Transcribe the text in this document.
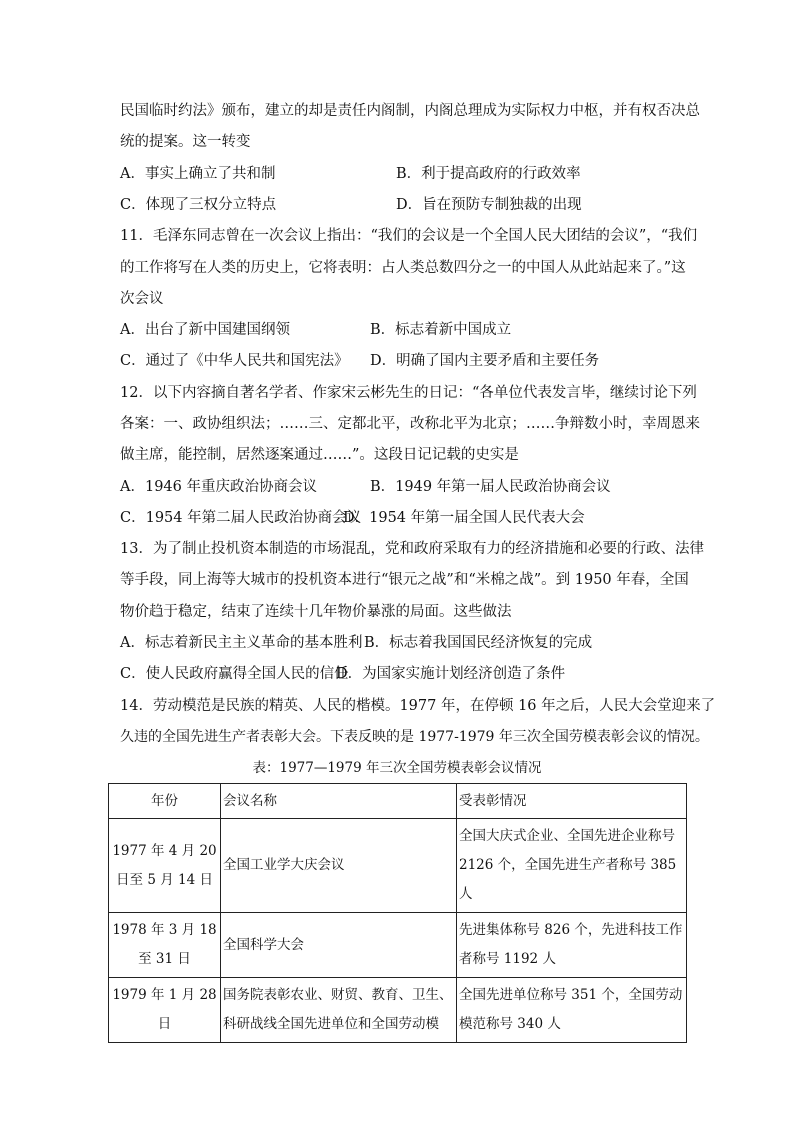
民国临时约法》颁布，建立的却是责任内阁制，内阁总理成为实际权力中枢，并有权否决总
统的提案。这一转变
A．事实上确立了共和制	B．利于提高政府的行政效率
C．体现了三权分立特点	D．旨在预防专制独裁的出现
11．毛泽东同志曾在一次会议上指出：“我们的会议是一个全国人民大团结的会议”，“我们
的工作将写在人类的历史上，它将表明：占人类总数四分之一的中国人从此站起来了。”这
次会议
A．出台了新中国建国纲领	B．标志着新中国成立
C．通过了《中华人民共和国宪法》 D．明确了国内主要矛盾和主要任务
12．以下内容摘自著名学者、作家宋云彬先生的日记：“各单位代表发言毕，继续讨论下列
各案：一、政协组织法；……三、定都北平，改称北平为北京；……争辩数小时，幸周恩来
做主席，能控制，居然逐案通过……”。这段日记记载的史实是
A．1946 年重庆政治协商会议	B．1949 年第一届人民政治协商会议
C．1954 年第二届人民政治协商会议
D．1954 年第一届全国人民代表大会
13．为了制止投机资本制造的市场混乱，党和政府采取有力的经济措施和必要的行政、法律
等手段，同上海等大城市的投机资本进行“银元之战”和“米棉之战”。到 1950 年春，全国
物价趋于稳定，结束了连续十几年物价暴涨的局面。这些做法
A．标志着新民主主义革命的基本胜利 B．标志着我国国民经济恢复的完成
C．使人民政府赢得全国人民的信任
D．为国家实施计划经济创造了条件
14．劳动模范是民族的精英、人民的楷模。1977 年，在停顿 16 年之后，人民大会堂迎来了
久违的全国先进生产者表彰大会。下表反映的是 1977-1979 年三次全国劳模表彰会议的情况。
表：1977—1979 年三次全国劳模表彰会议情况
年份	会议名称	受表彰情况

1977 年 4 月 20 日至 5 月 14 日	全国工业学大庆会议	全国大庆式企业、全国先进企业称号 2126 个，全国先进生产者称号 385 人

1978 年 3 月 18 至 31 日	全国科学大会	先进集体称号 826 个，先进科技工作者称号 1192 人

1979 年 1 月 28 日	国务院表彰农业、财贸、教育、卫生、科研战线全国先进单位和全国劳动模	全国先进单位称号 351 个，全国劳动模范称号 340 人
